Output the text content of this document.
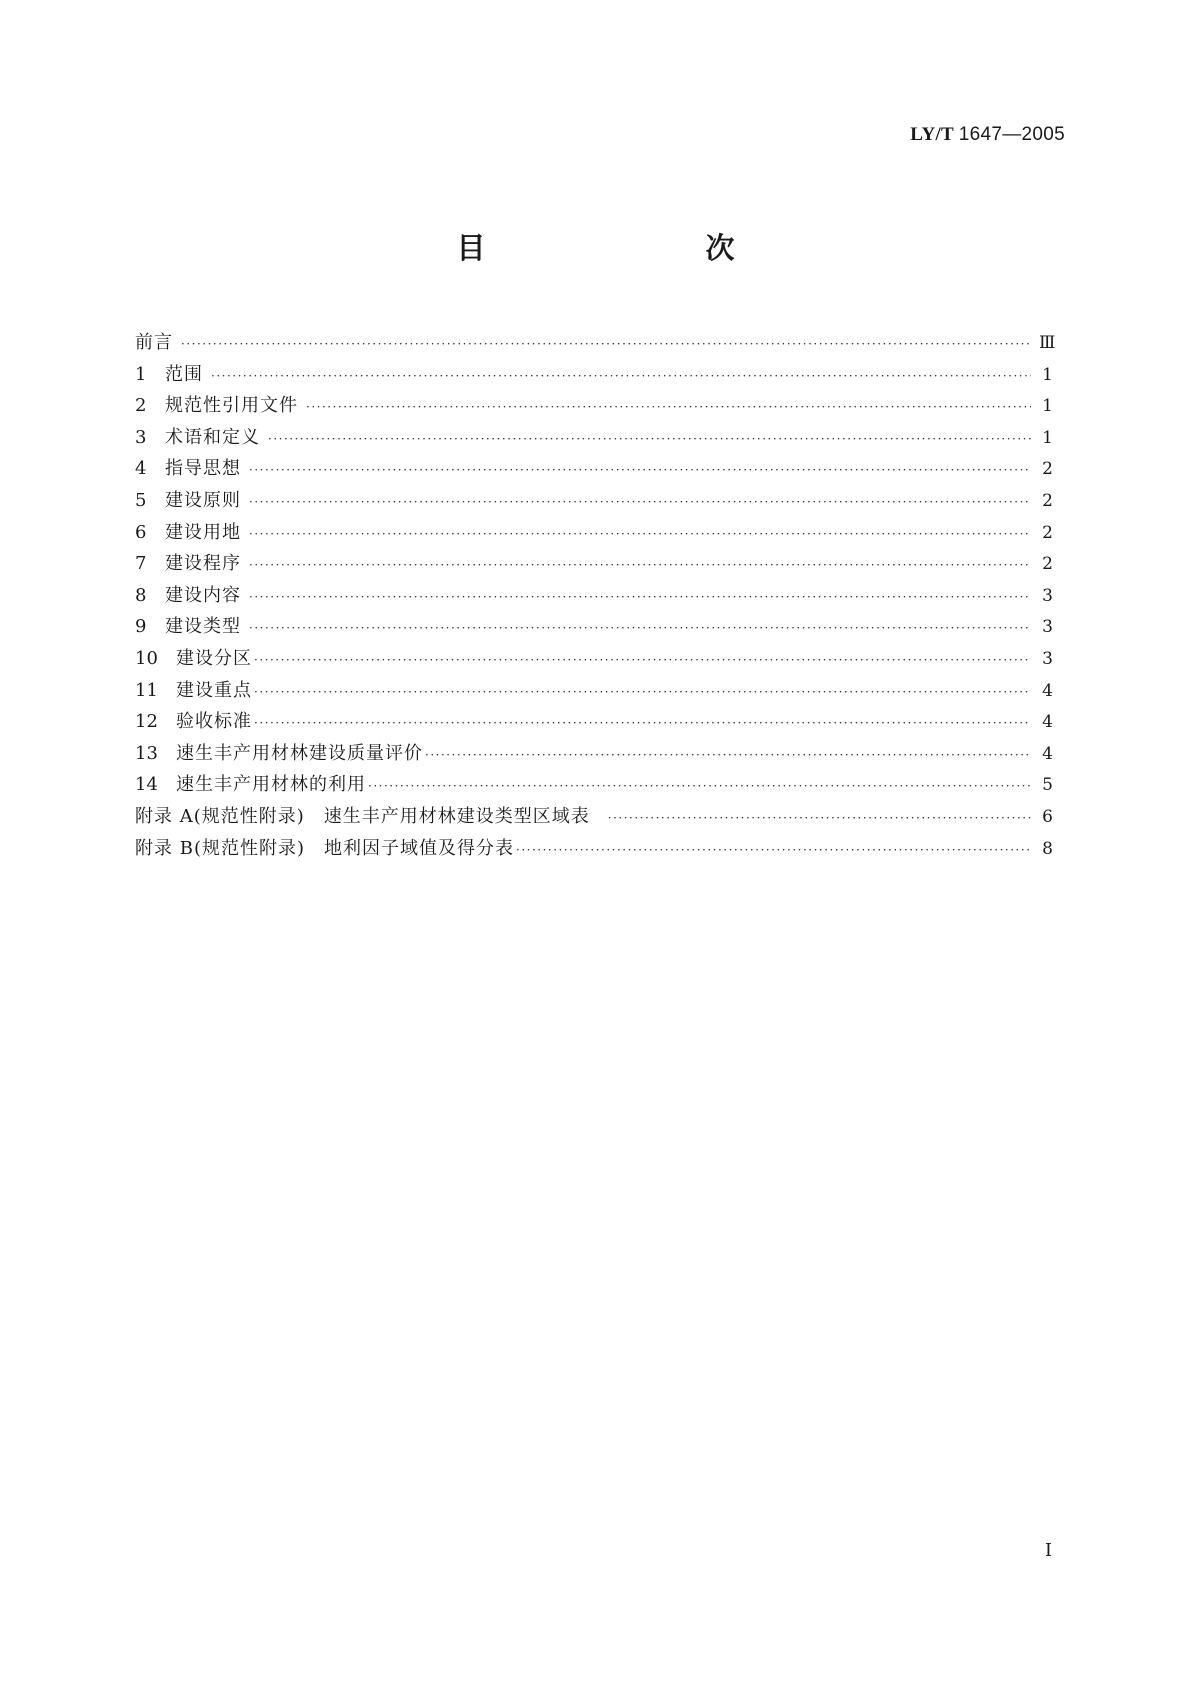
LY/T 1647—2005
目　　次
前言 ·····	Ⅲ
1	范围 ·····	1
2	规范性引用文件 ·····	1
3	术语和定义 ·····	1
4	指导思想 ·····	2
5	建设原则 ·····	2
6	建设用地 ·····	2
7	建设程序 ·····	2
8	建设内容 ·····	3
9	建设类型 ·····	3
10	建设分区 ·····	3
11	建设重点 ·····	4
12	验收标准 ·····	4
13	速生丰产用材林建设质量评价 ·····	4
14	速生丰产用材林的利用 ·····	5
附录 A(规范性附录)　速生丰产用材林建设类型区域表 ·····	6
附录 B(规范性附录)　地利因子域值及得分表 ·····	8
I
